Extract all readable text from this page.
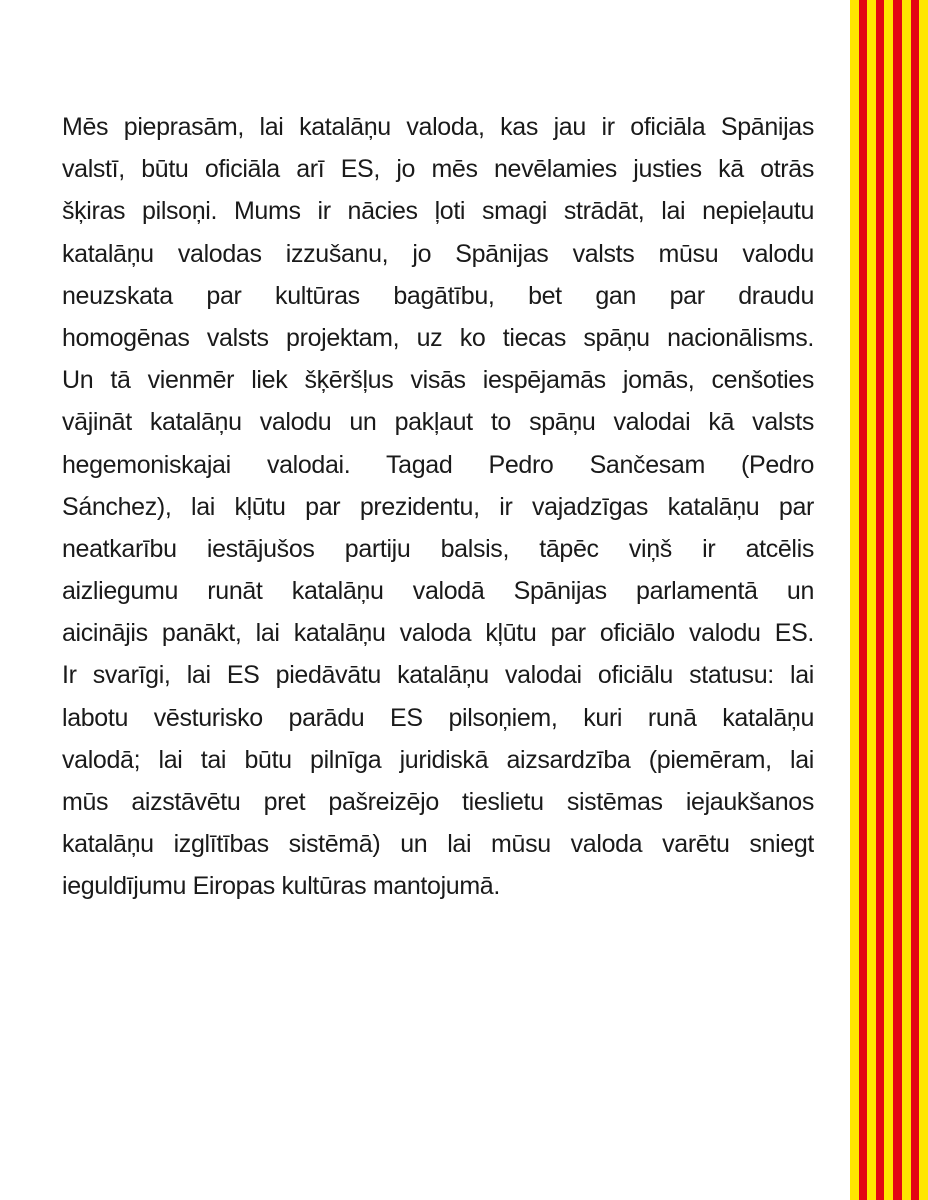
Mēs pieprasām, lai katalāņu valoda, kas jau ir oficiāla Spānijas
valstī, būtu oficiāla arī ES, jo mēs nevēlamies justies kā otrās
šķiras pilsoņi. Mums ir nācies ļoti smagi strādāt, lai nepieļautu
katalāņu valodas izzušanu, jo Spānijas valsts mūsu valodu
neuzskata par kultūras bagātību, bet gan par draudu
homogēnas valsts projektam, uz ko tiecas spāņu nacionālisms.
Un tā vienmēr liek šķēršļus visās iespējamās jomās, cenšoties
vājināt katalāņu valodu un pakļaut to spāņu valodai kā valsts
hegemoniskajai valodai. Tagad Pedro Sančesam (Pedro
Sánchez), lai kļūtu par prezidentu, ir vajadzīgas katalāņu par
neatkarību iestājušos partiju balsis, tāpēc viņš ir atcēlis
aizliegumu runāt katalāņu valodā Spānijas parlamentā un
aicinājis panākt, lai katalāņu valoda kļūtu par oficiālo valodu ES.
Ir svarīgi, lai ES piedāvātu katalāņu valodai oficiālu statusu: lai
labotu vēsturisko parādu ES pilsoņiem, kuri runā katalāņu
valodā; lai tai būtu pilnīga juridiskā aizsardzība (piemēram, lai
mūs aizstāvētu pret pašreizējo tieslietu sistēmas iejaukšanos
katalāņu izglītības sistēmā) un lai mūsu valoda varētu sniegt
ieguldījumu Eiropas kultūras mantojumā.
